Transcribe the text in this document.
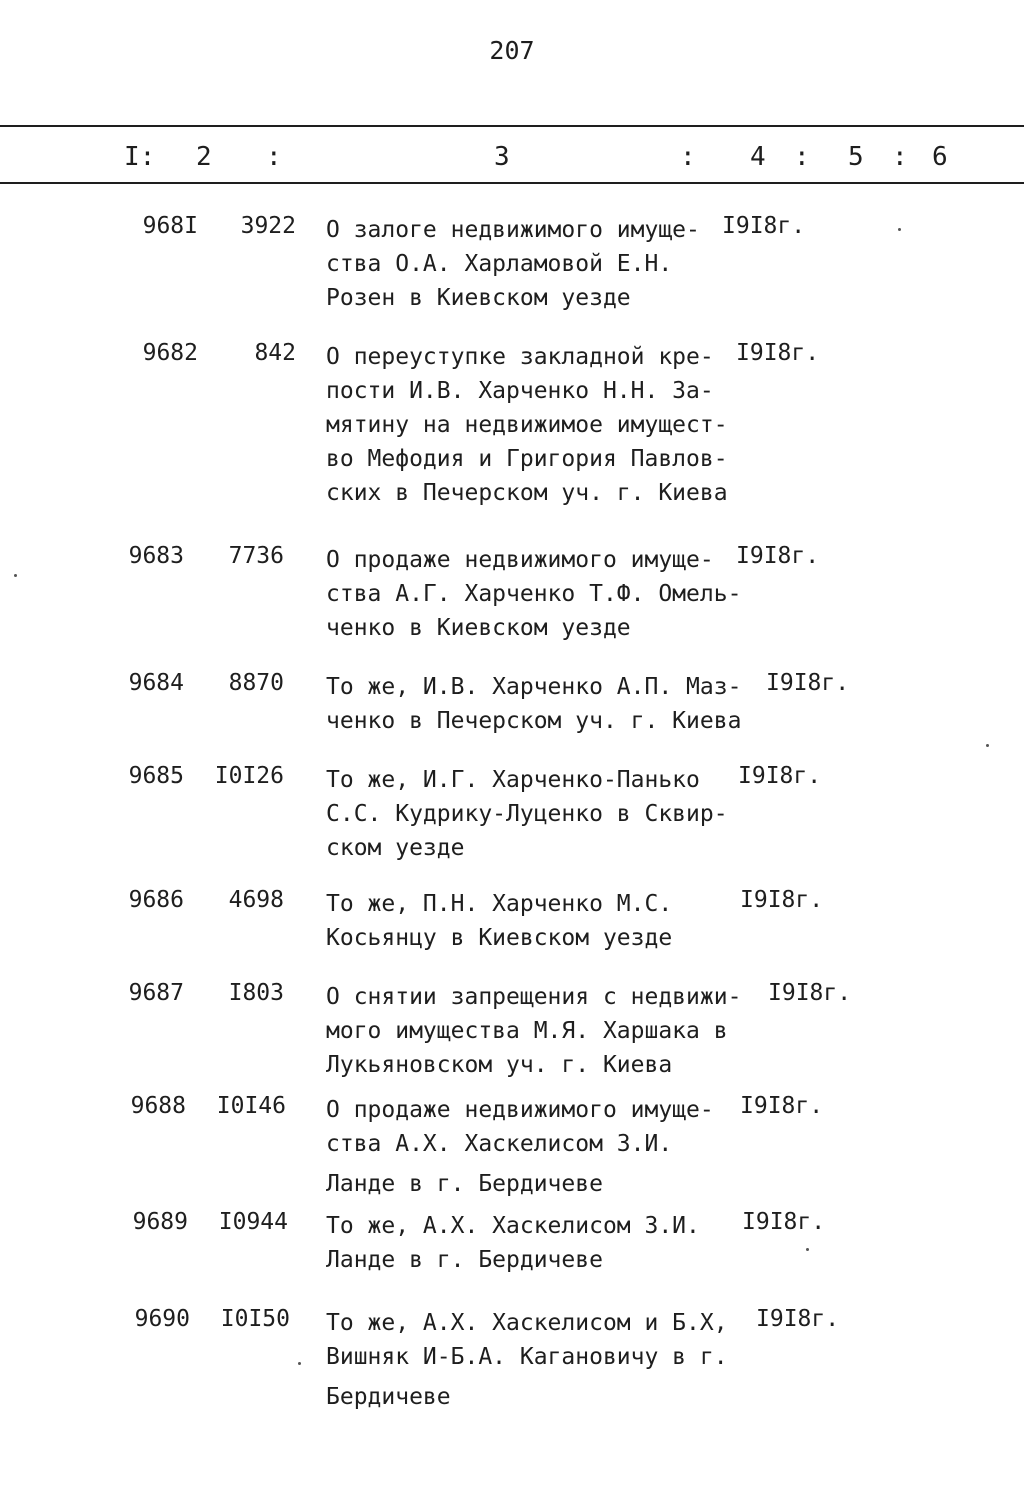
207
I: 2 :	3	: 4 : 5 : 6
968I	3922 О залоге недвижимого имуще-
ства О.А. Харламовой Е.Н.
Розен в Киевском уезде
I9I8г.
9682	842 О переуступке закладной кре-
пости И.В. Харченко Н.Н. За-
мятину на недвижимое имущест-
во Мефодия и Григория Павлов-
ских в Печерском уч. г. Киева
I9I8г.
9683	7736 О продаже недвижимого имуще-
ства А.Г. Харченко Т.Ф. Омель-
ченко в Киевском уезде
I9I8г.
9684	8870 То же, И.В. Харченко А.П. Маз-
ченко в Печерском уч. г. Киева
I9I8г.
9685	I0I26 То же, И.Г. Харченко-Панько
С.С. Кудрику-Луценко в Сквир-
ском уезде
I9I8г.
9686	4698 То же, П.Н. Харченко М.С.
Косьянцу в Киевском уезде
I9I8г.
9687	I803 О снятии запрещения с недвижи-
мого имущества М.Я. Харшака в
Лукьяновском уч. г. Киева
I9I8г.
9688	I0I46 О продаже недвижимого имуще-
ства А.Х. Хаскелисом З.И.
Ланде в г. Бердичеве
I9I8г.
9689	I0944 То же, А.Х. Хаскелисом З.И.
Ланде в г. Бердичеве
I9I8г.
9690	I0I50 То же, А.Х. Хаскелисом и Б.Х,
Вишняк И-Б.А. Кагановичу в г.
Бердичеве
I9I8г.
